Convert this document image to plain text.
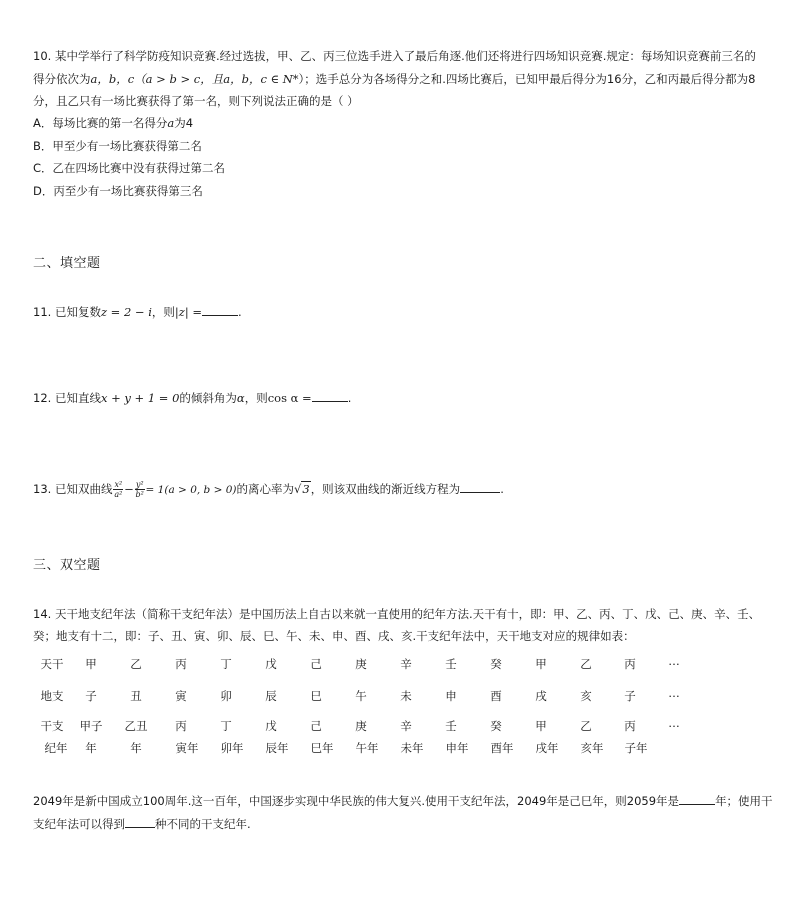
10. 某中学举行了科学防疫知识竞赛.经过选拔，甲、乙、丙三位选手进入了最后角逐.他们还将进行四场知识竞赛.规定：每场知识竞赛前三名的
得分依次为a，b，c（a > b > c，且a，b，c ∈ N*）；选手总分为各场得分之和.四场比赛后，已知甲最后得分为16分，乙和丙最后得分都为8
分，且乙只有一场比赛获得了第一名，则下列说法正确的是（ ）
A．每场比赛的第一名得分a为4
B．甲至少有一场比赛获得第二名
C．乙在四场比赛中没有获得过第二名
D．丙至少有一场比赛获得第三名
二、填空题
11. 已知复数z = 2 − i，则|z| =	.
12. 已知直线x + y + 1 = 0的倾斜角为α，则cos α =	.
13. 已知双曲线 $\frac{\text{x²}}{\text{a²}} - \frac{\text{y²}}{\text{b²}} = 1(a > 0$, b > 0)的离心率为√3，则该双曲线的渐近线方程为	.
三、双空题
14. 天干地支纪年法（简称干支纪年法）是中国历法上自古以来就一直使用的纪年方法.天干有十，即：甲、乙、丙、丁、戊、己、庚、辛、壬、
癸；地支有十二，即：子、丑、寅、卯、辰、巳、午、未、申、酉、戌、亥.干支纪年法中，天干地支对应的规律如表：
天干	甲	乙	丙	丁	戊	己	庚	辛	壬	癸	甲	乙	丙	…
地支	子	丑	寅	卯	辰	巳	午	未	申	酉	戌	亥	子	…
干支	甲子	乙丑	丙	丁	戊	己	庚	辛	壬	癸	甲	乙	丙	…
纪年	年	年	寅年	卯年	辰年	巳年	午年	未年	申年	酉年	戌年	亥年	子年
2049年是新中国成立100周年.这一百年，中国逐步实现中华民族的伟大复兴.使用干支纪年法，2049年是己巳年，则2059年是	年；使用干
支纪年法可以得到	种不同的干支纪年.
